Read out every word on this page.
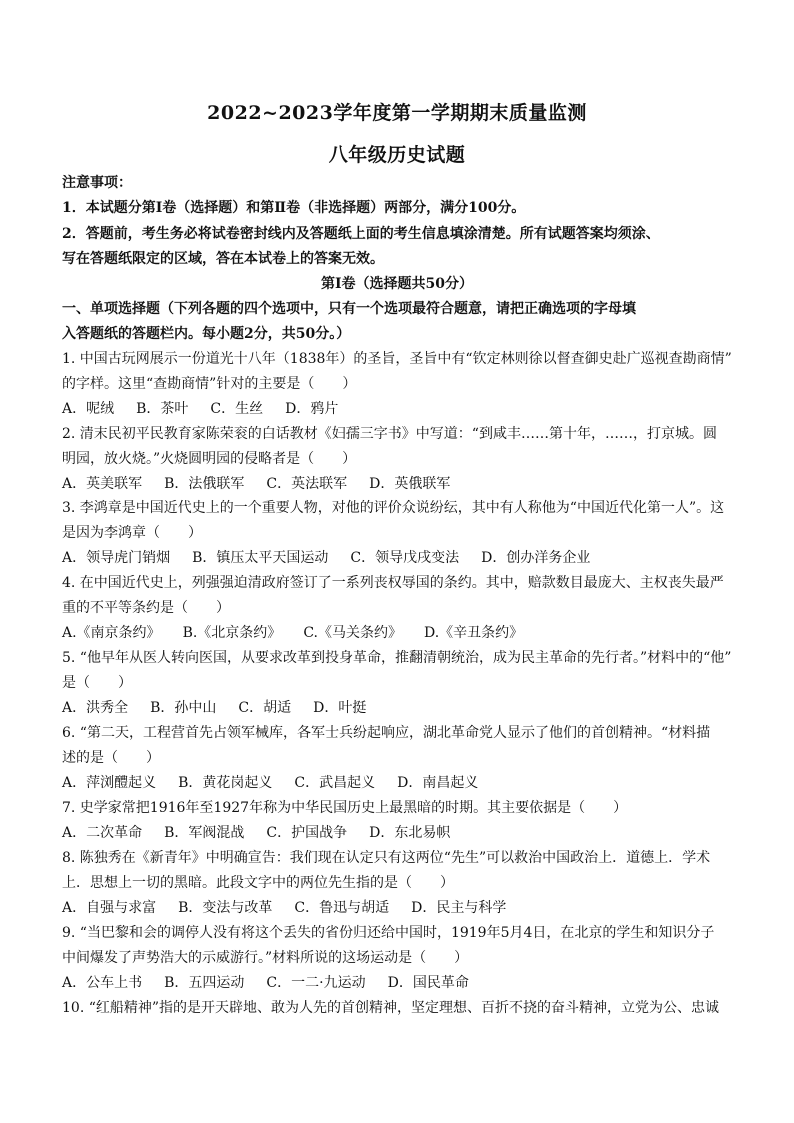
2022~2023学年度第一学期期末质量监测
八年级历史试题
注意事项：
1．本试题分第Ⅰ卷（选择题）和第Ⅱ卷（非选择题）两部分，满分100分。
2．答题前，考生务必将试卷密封线内及答题纸上面的考生信息填涂清楚。所有试题答案均须涂、
写在答题纸限定的区域，答在本试卷上的答案无效。
第Ⅰ卷（选择题共50分）
一、单项选择题（下列各题的四个选项中，只有一个选项最符合题意，请把正确选项的字母填
入答题纸的答题栏内。每小题2分，共50分。）
1. 中国古玩网展示一份道光十八年（1838年）的圣旨，圣旨中有“钦定林则徐以督查御史赴广巡视查勘商情”
的字样。这里“查勘商情”针对的主要是（　　）
A．呢绒 B．茶叶 C．生丝 D．鸦片
2. 清末民初平民教育家陈荣衮的白话教材《妇孺三字书》中写道：“到咸丰……第十年，……，打京城。圆
明园，放火烧。”火烧圆明园的侵略者是（　　）
A．英美联军 B．法俄联军 C．英法联军 D．英俄联军
3. 李鸿章是中国近代史上的一个重要人物，对他的评价众说纷纭，其中有人称他为“中国近代化第一人”。这
是因为李鸿章（　　）
A．领导虎门销烟 B．镇压太平天国运动 C．领导戊戌变法 D．创办洋务企业
4. 在中国近代史上，列强强迫清政府签订了一系列丧权辱国的条约。其中，赔款数目最庞大、主权丧失最严
重的不平等条约是（　　）
A.《南京条约》 B.《北京条约》 C.《马关条约》 D.《辛丑条约》
5. “他早年从医人转向医国，从要求改革到投身革命，推翻清朝统治，成为民主革命的先行者。”材料中的“他”
是（　　）
A．洪秀全 B．孙中山 C．胡适 D．叶挺
6. “第二天，工程营首先占领军械库，各军士兵纷起响应，湖北革命党人显示了他们的首创精神。“材料描
述的是（　　）
A．萍浏醴起义 B．黄花岗起义 C．武昌起义 D．南昌起义
7. 史学家常把1916年至1927年称为中华民国历史上最黑暗的时期。其主要依据是（　　）
A．二次革命 B．军阀混战 C．护国战争 D．东北易帜
8. 陈独秀在《新青年》中明确宣告：我们现在认定只有这两位“先生”可以救治中国政治上．道德上．学术
上．思想上一切的黑暗。此段文字中的两位先生指的是（　　）
A．自强与求富 B．变法与改革 C．鲁迅与胡适 D．民主与科学
9. “当巴黎和会的调停人没有将这个丢失的省份归还给中国时，1919年5月4日，在北京的学生和知识分子
中间爆发了声势浩大的示威游行。”材料所说的这场运动是（　　）
A．公车上书 B．五四运动 C．一二·九运动 D．国民革命
10. “红船精神”指的是开天辟地、敢为人先的首创精神，坚定理想、百折不挠的奋斗精神，立党为公、忠诚
